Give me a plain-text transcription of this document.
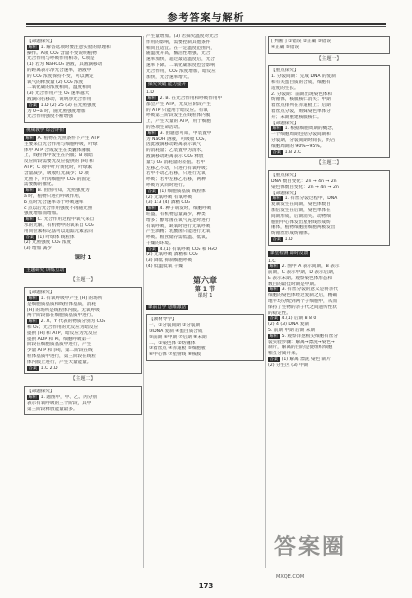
参考答案与解析
【命题探究】
解析 1. 解答选项时要注意实验的原理和
操作。A项 CO₂ 含量不变说明植物
光合作用与呼吸作用相等，C项是
(1) 若为 NaHCO₃ 溶液，其液滴移动
的距离表示净光合速率，溶液中
的 CO₂ 浓度保持不变，可以测定
氧气的释放量 (2) CO₂ 浓度
二氧化碳的浓度相同，温度相同
(3) 光合作用产生 O₂ 速率越大
液滴向右移动，说明净光合作用
答案 1.D (2) 25 (3) 在光照强度
为 0~a 时，随光照强度增加
光合作用强度不断增强
视频教学 综合评价
解析 A. 植物在光照条件下产生 ATP
主要来自光合作用与细胞呼吸，叶绿
体中 ATP 合成发生在类囊体薄膜
上，线粒体中发生在内膜；B 项暗
反应阶段需要光反应提供的 [H] 和
ATP；C 项中叶片黄化时，叶绿素
含量减少，吸收红光减少；D 项
光照下，叶肉细胞中 CO₂ 的固定
需要酶的催化。
解析 B. 由图可知，光照强度为
a 时，植物只进行呼吸作用，
b 点时光合速率等于呼吸速率
c 点以后光合作用强度不再随光照
强度增加而增加。
解析 C. 光合作用过程中氧气来自
水的光解，有机物中的氧来自 CO₂
用同位素标记法可以追踪元素去向
答案 (1) 叶绿体 线粒体
(2) 光照强度 CO₂ 浓度
(3) 增加 减少
课时 1
主题研究 讲练互动
【主题一】
【命题探究】
解析 1. 有氧呼吸中产生 [H] 的场所
是细胞质基质和线粒体基质，消耗
[H] 的场所是线粒体内膜。无氧呼吸
两个阶段都在细胞质基质中进行。
解析 2. X、Y 代表的物质分别为 CO₂
和 O₂；光合作用的光反应为暗反应
提供 [H] 和 ATP，暗反应为光反应
提供 ADP 和 Pi。细胞呼吸第一
阶段在细胞质基质中进行，产生
少量 ATP 和 [H]，第二阶段在线
粒体基质中进行，第三阶段在线粒
体内膜上进行，产生大量能量。
答案 1.C 2.D
【主题二】
【命题探究】
解析 1. 题图中，甲、乙、丙分别
表示有氧呼吸的三个阶段，其中
第三阶段释放能量最多。
产生量增加。(3) 若探究温度对光合
作用的影响，需要控制其他条件
相同且适宜。在一定温度范围内，
随温度升高，酶活性增强，光合
速率加快，超过最适温度后，光合
速率下降。二氧化碳浓度也会影响
光合作用，CO₂ 浓度增加，暗反应
加快，光合速率增大。
探究突破 能力提升
1.D
解析 2. B. 在光合作用和呼吸作用中
都会产生 ATP，光反应阶段产生
的 ATP 只能用于暗反应。有氧
呼吸第三阶段发生在线粒体内膜
上，产生大量的 ATP，用于细胞
的各项生命活动。
解析 3. 由题意可知，甲装置中
为 NaOH 溶液，可吸收 CO₂，
因此液滴移动距离表示氧气
的消耗量；乙装置中为清水，
液滴移动距离表示 CO₂ 释放
量与 O₂ 消耗量的差值。若甲
左移乙不动，只进行有氧呼吸；
若甲不动乙右移，只进行无氧
呼吸；若甲左移乙右移，两种
呼吸方式同时进行。
答案 (1) 细胞质基质 线粒体
(2) 无氧呼吸 有氧呼吸
(3) 1:3 (4) 酒精 CO₂
解析 4. 种子萌发时，细胞呼吸
旺盛，有机物总量减少，种类
增多；酵母菌在氧气充足时进行
有氧呼吸，缺氧时进行无氧呼吸
产生酒精；乳酸菌只能进行无氧
呼吸。粮食储存需低温、低氧、
干燥的环境。
答案 4.(1) 有氧呼吸 CO₂ 和 H₂O
(2) 无氧呼吸 酒精和 CO₂
(3) 降低 抑制细胞呼吸
(4) 低温低氧 干燥
第六章
第 1 节
课时 1
课前自学 思维激活
【教材导学】
一、①分裂间期 ②分裂期
③DNA 复制 ④蛋白质合成
⑤前期 ⑥中期 ⑦后期 ⑧末期
二、①染色体 ②纺锤体
③着丝点 ④赤道板 ⑤细胞板
⑥中心体 ⑦星射线 ⑧核膜
[ 判断 ] ①错误 ②正确 ③错误
④正确 ⑤错误
【主题一】
【重点探究】
1. 分裂间期：完成 DNA 的复制
和有关蛋白质的合成，细胞有
适度的生长。
2. 分裂期：前期出现染色体和
纺锤体，核膜核仁消失；中期
着丝点排列在赤道板上；后期
着丝点分裂，姐妹染色单体分
开；末期重建核膜核仁。
【命题探究】
解析 1. 根据细胞周期的概念，
一个细胞周期包括分裂间期和
分裂期，分裂间期时间长，约占
细胞周期的 90%~95%。
答案 1.B 2.C
【主题二】
【重点探究】
DNA 数目变化：2n → 4n → 2n
染色体数目变化：2n → 4n → 2n
【命题探究】
解析 1. 有丝分裂过程中，DNA
复制发生在间期，染色体数目
加倍发生在后期，染色单体在
间期形成，后期消失。动物细
胞由中心体发出星射线形成纺
锤体，植物细胞由细胞两极发出
纺锤丝形成纺锤体。
答案 1.D
课堂检测 即时反馈
1.C
解析 2. 图中 A 表示间期，B 表示
前期，C 表示中期，D 表示后期，
E 表示末期。观察染色体形态和
数目的最佳时期是中期。
解析 3. 有丝分裂的意义是将亲代
细胞的染色体经过复制之后，精确
地平均分配到两个子细胞中，从而
保持了生物的亲子代之间遗传性状
的稳定性。
答案 4.(1) 后期 8 8 0
(2) 4 (3) DNA 复制
5. 前期 中期 后期 末期
解析 5. 观察洋葱根尖细胞有丝分
裂实验步骤：解离→漂洗→染色→
制片，解离的目的是使组织细胞
相互分离开来。
答案 (1) 解离 漂洗 染色 制片
(2) 分生区 (3) 中期
答案圈
MXQE.COM
173
